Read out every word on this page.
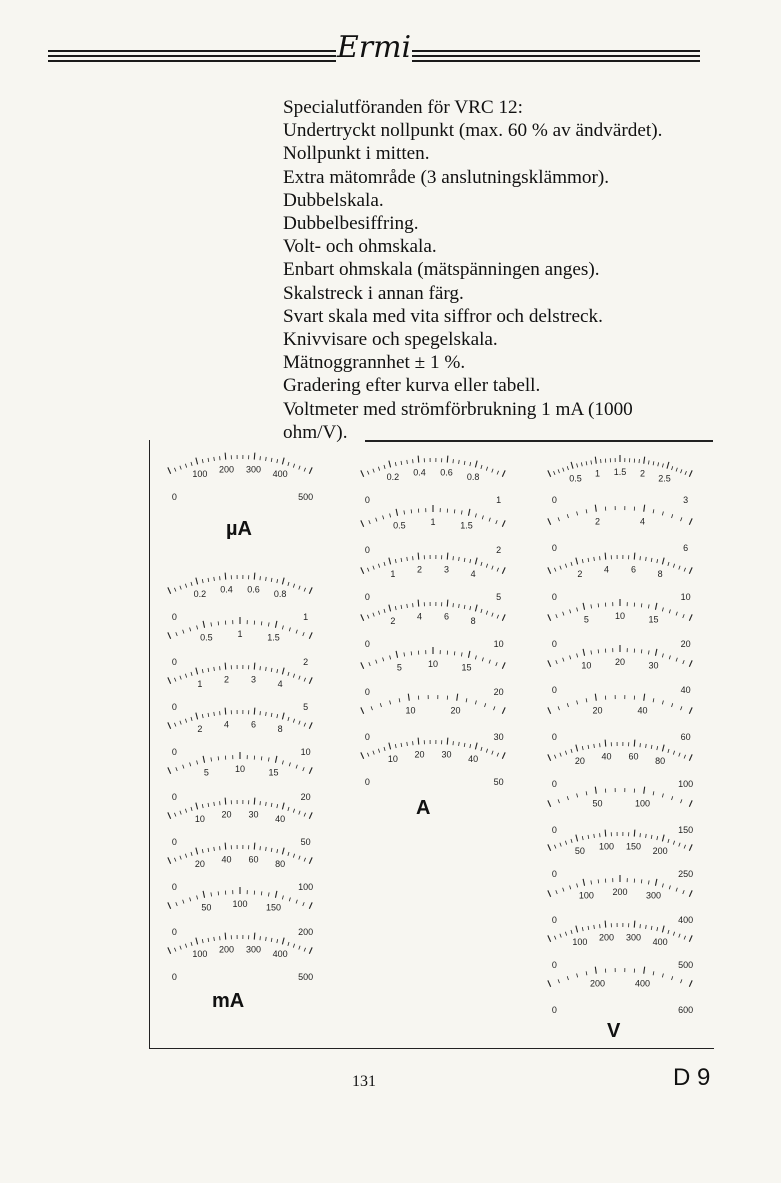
Ermi
Specialutföranden för VRC 12:
Undertryckt nollpunkt (max. 60 % av ändvärdet).
Nollpunkt i mitten.
Extra mätområde (3 anslutningsklämmor).
Dubbelskala.
Dubbelbesiffring.
Volt- och ohmskala.
Enbart ohmskala (mätspänningen anges).
Skalstreck i annan färg.
Svart skala med vita siffror och delstreck.
Knivvisare och spegelskala.
Mätnoggrannhet ± 1 %.
Gradering efter kurva eller tabell.
Voltmeter med strömförbrukning 1 mA (1000
ohm/V).
0
100 200 300 400
500
0
0.2 0.4 0.6 0.8
1
0
0.5	1	1.5
2
0
1 2 3 4
5
0
2 4 6 8
10
0
5	10	15
20
0
10 20 30 40
50
0
20 40 60 80
100
0
50 100 150
200
0
100 200 300 400
500
0
0.2 0.4 0.6 0.8
1
0
0.5	1	1.5
2
0
1 2 3 4
5
0
2 4 6 8
10
0
5	10	15
20
0
10	20
30
0
10 20 30 40
50
0
0.5 1 1.5 2 2.5
3
0
2	4
6
0
2 4 6 8
10
0
5	10	15
20
0
10	20	30
40
0
20	40
60
0
20 40 60 80
100
0
50	100
150
0
50 100 150 200
250
0
100 200 300
400
0
100 200 300 400
500
0
200	400
600
µA
mA
A
V
131	D 9
